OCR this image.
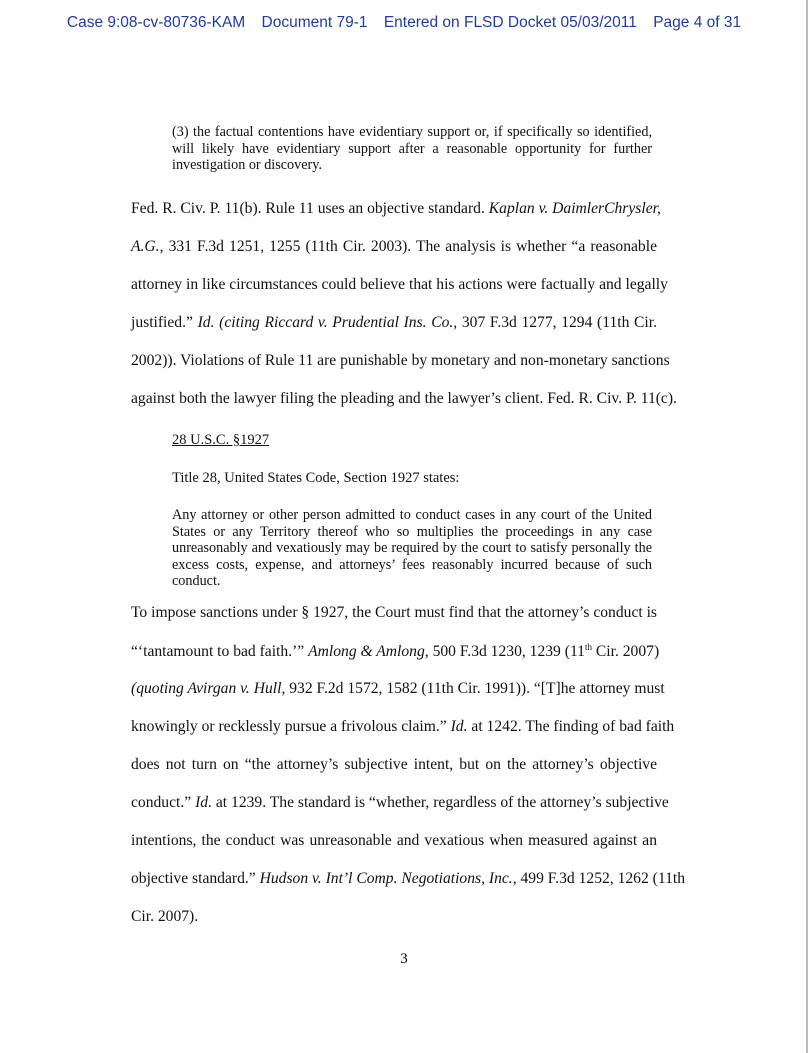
Case 9:08-cv-80736-KAM Document 79-1 Entered on FLSD Docket 05/03/2011 Page 4 of 31
(3) the factual contentions have evidentiary support or, if specifically so identified, will likely have evidentiary support after a reasonable opportunity for further investigation or discovery.
Fed. R. Civ. P. 11(b). Rule 11 uses an objective standard. Kaplan v. DaimlerChrysler,
A.G., 331 F.3d 1251, 1255 (11th Cir. 2003). The analysis is whether “a reasonable
attorney in like circumstances could believe that his actions were factually and legally
justified.” Id. (citing Riccard v. Prudential Ins. Co., 307 F.3d 1277, 1294 (11th Cir.
2002)). Violations of Rule 11 are punishable by monetary and non-monetary sanctions
against both the lawyer filing the pleading and the lawyer’s client. Fed. R. Civ. P. 11(c).
28 U.S.C. §1927
Title 28, United States Code, Section 1927 states:
Any attorney or other person admitted to conduct cases in any court of the United States or any Territory thereof who so multiplies the proceedings in any case unreasonably and vexatiously may be required by the court to satisfy personally the excess costs, expense, and attorneys’ fees reasonably incurred because of such conduct.
To impose sanctions under § 1927, the Court must find that the attorney’s conduct is
“‘tantamount to bad faith.’” Amlong & Amlong, 500 F.3d 1230, 1239 (11th Cir. 2007)
(quoting Avirgan v. Hull, 932 F.2d 1572, 1582 (11th Cir. 1991)). “[T]he attorney must
knowingly or recklessly pursue a frivolous claim.” Id. at 1242. The finding of bad faith
does not turn on “the attorney’s subjective intent, but on the attorney’s objective
conduct.” Id. at 1239. The standard is “whether, regardless of the attorney’s subjective
intentions, the conduct was unreasonable and vexatious when measured against an
objective standard.” Hudson v. Int’l Comp. Negotiations, Inc., 499 F.3d 1252, 1262 (11th
Cir. 2007).
3
